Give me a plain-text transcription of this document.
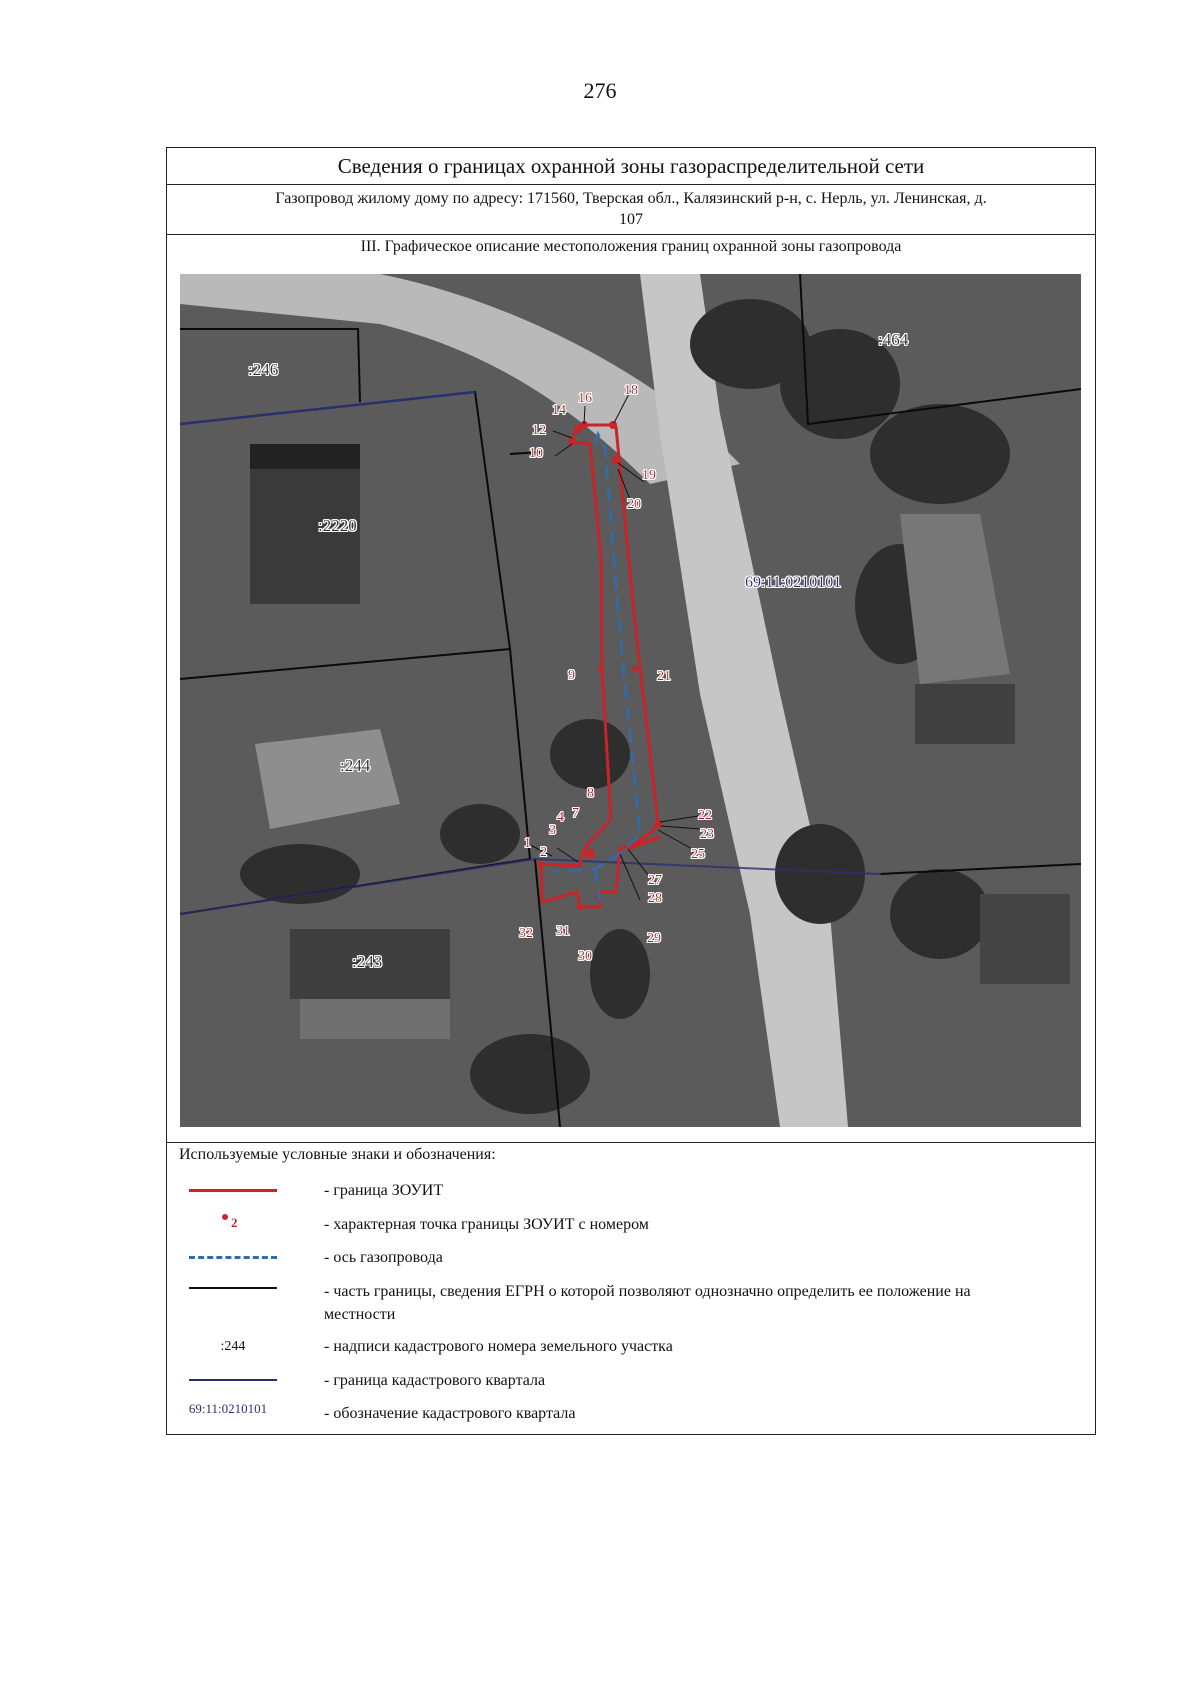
276
Сведения о границах охранной зоны газораспределительной сети
Газопровод жилому дому по адресу: 171560, Тверская обл., Калязинский р-н, с. Нерль, ул. Ленинская, д.
107
III. Графическое описание местоположения границ охранной зоны газопровода
:246
:2220
:244
:243
:464
69:11:0210101
1
2
3
4 7
8
9
10
12
14
16
18
19
20
21
22
23
25
27
28
29
30
31
32
Используемые условные знаки и обозначения:
- граница ЗОУИТ
2	- характерная точка границы ЗОУИТ с номером
- ось газопровода
- часть границы, сведения ЕГРН о которой позволяют однозначно определить ее положение на местности
:244	- надписи кадастрового номера земельного участка
- граница кадастрового квартала
69:11:0210101	- обозначение кадастрового квартала
